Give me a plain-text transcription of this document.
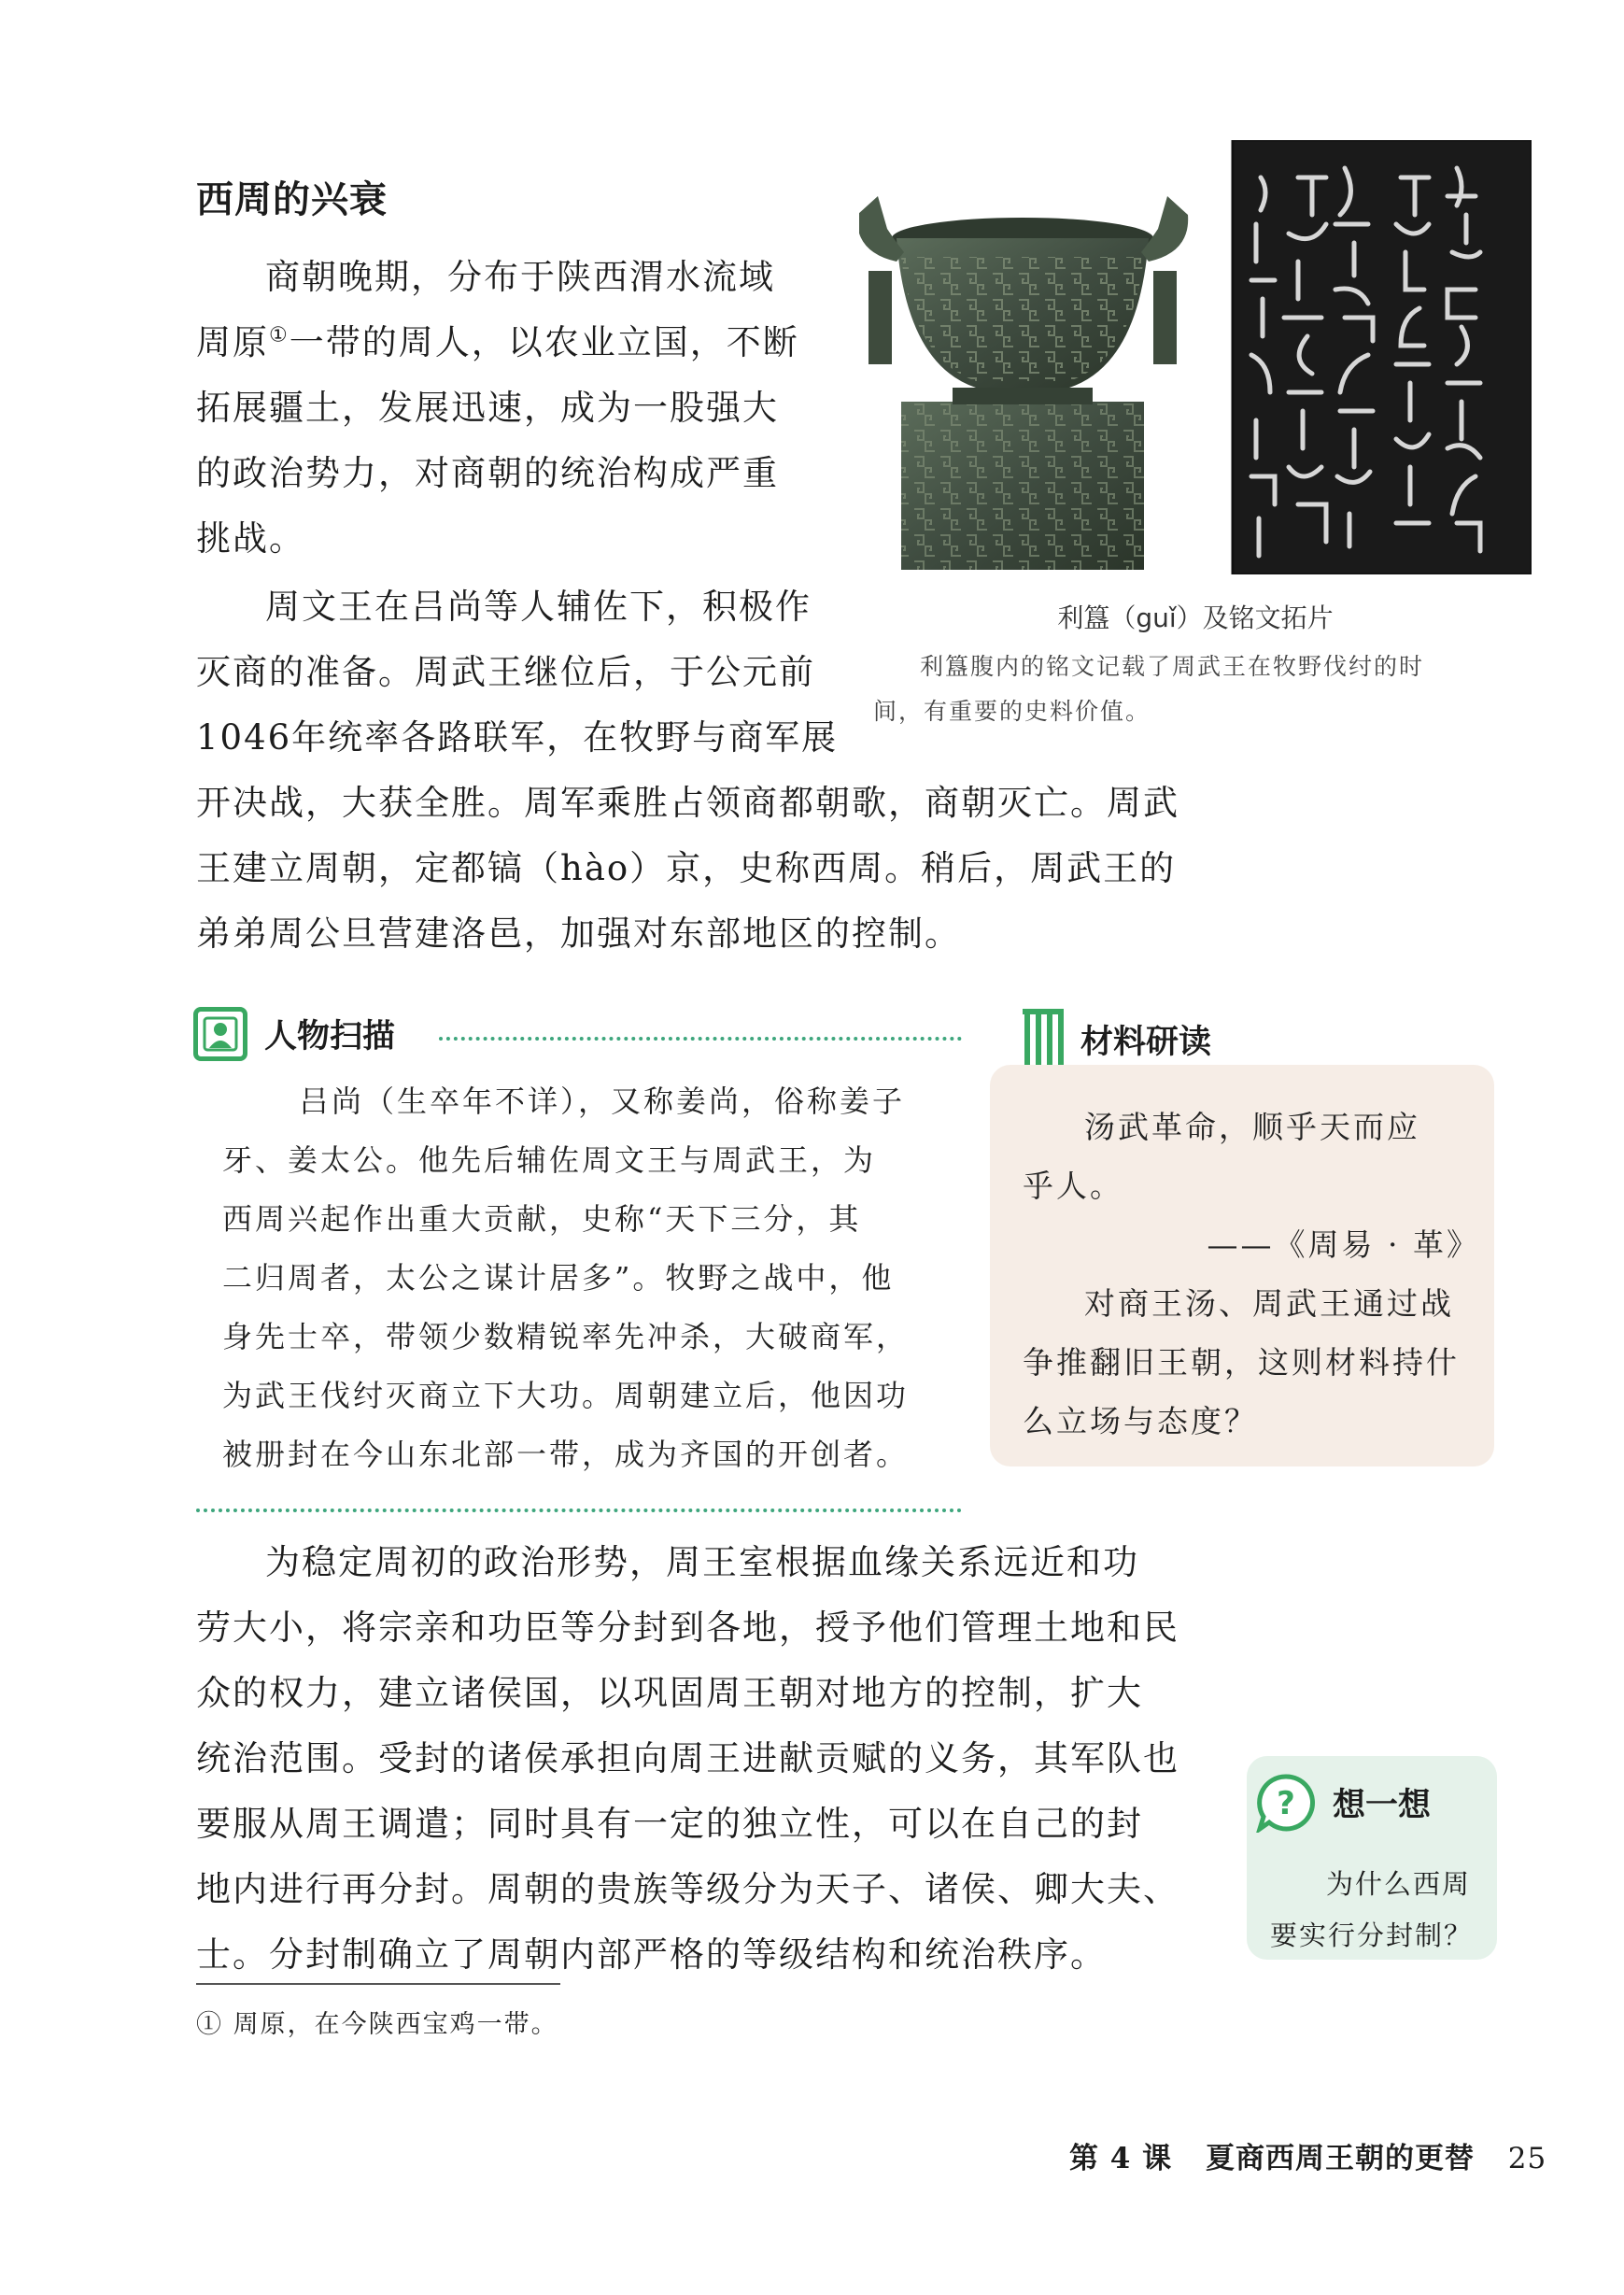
西周的兴衰
商朝晚期，分布于陕西渭水流域
周原①一带的周人，以农业立国，不断
拓展疆土，发展迅速，成为一股强大
的政治势力，对商朝的统治构成严重
挑战。
周文王在吕尚等人辅佐下，积极作
灭商的准备。周武王继位后，于公元前
1046年统率各路联军，在牧野与商军展
开决战，大获全胜。周军乘胜占领商都朝歌，商朝灭亡。周武
王建立周朝，定都镐（hào）京，史称西周。稍后，周武王的
弟弟周公旦营建洛邑，加强对东部地区的控制。
利簋（guǐ）及铭文拓片
利簋腹内的铭文记载了周武王在牧野伐纣的时
间，有重要的史料价值。
人物扫描
吕尚（生卒年不详），又称姜尚，俗称姜子
牙、姜太公。他先后辅佐周文王与周武王，为
西周兴起作出重大贡献，史称“天下三分，其
二归周者，太公之谋计居多”。牧野之战中，他
身先士卒，带领少数精锐率先冲杀，大破商军，
为武王伐纣灭商立下大功。周朝建立后，他因功
被册封在今山东北部一带，成为齐国的开创者。
材料研读
汤武革命，顺乎天而应
乎人。
——《周易 · 革》
对商王汤、周武王通过战
争推翻旧王朝，这则材料持什
么立场与态度？
为稳定周初的政治形势，周王室根据血缘关系远近和功
劳大小，将宗亲和功臣等分封到各地，授予他们管理土地和民
众的权力，建立诸侯国，以巩固周王朝对地方的控制，扩大
统治范围。受封的诸侯承担向周王进献贡赋的义务，其军队也
要服从周王调遣；同时具有一定的独立性，可以在自己的封
地内进行再分封。周朝的贵族等级分为天子、诸侯、卿大夫、
士。分封制确立了周朝内部严格的等级结构和统治秩序。
? 想一想
为什么西周
要实行分封制？
① 周原，在今陕西宝鸡一带。
第 4 课 夏商西周王朝的更替 25
